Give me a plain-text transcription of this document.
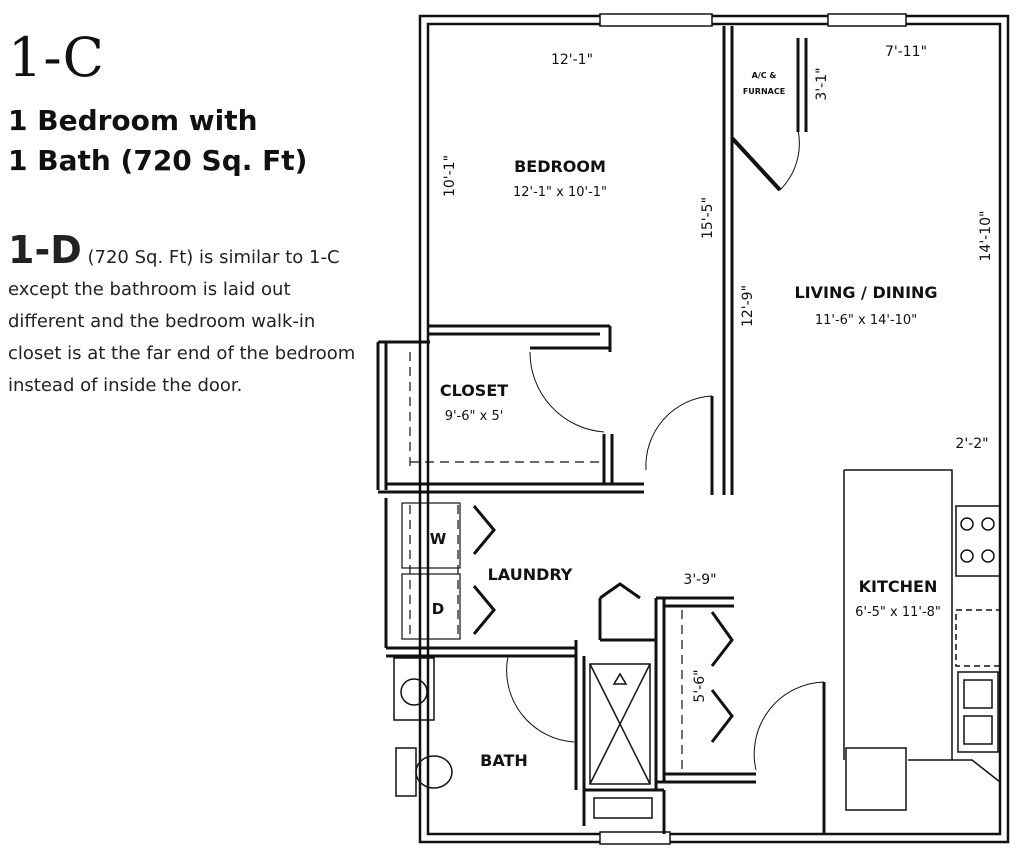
1-C
1 Bedroom with
1 Bath (720 Sq. Ft)

1-D (720 Sq. Ft) is similar to 1-C except the bathroom is laid out different and the bedroom walk-in closet is at the far end of the bedroom instead of inside the door.

BEDROOM
12'-1" x 10'-1"
CLOSET
9'-6" x 5'
LIVING / DINING
11'-6" x 14'-10"
KITCHEN
6'-5" x 11'-8"
LAUNDRY
BATH
A/C &
FURNACE
W
D
12'-1"	7'-11"
10'-1"
3'-1"
15'-5"
12'-9"
14'-10"
2'-2"
3'-9"
5'-6"
